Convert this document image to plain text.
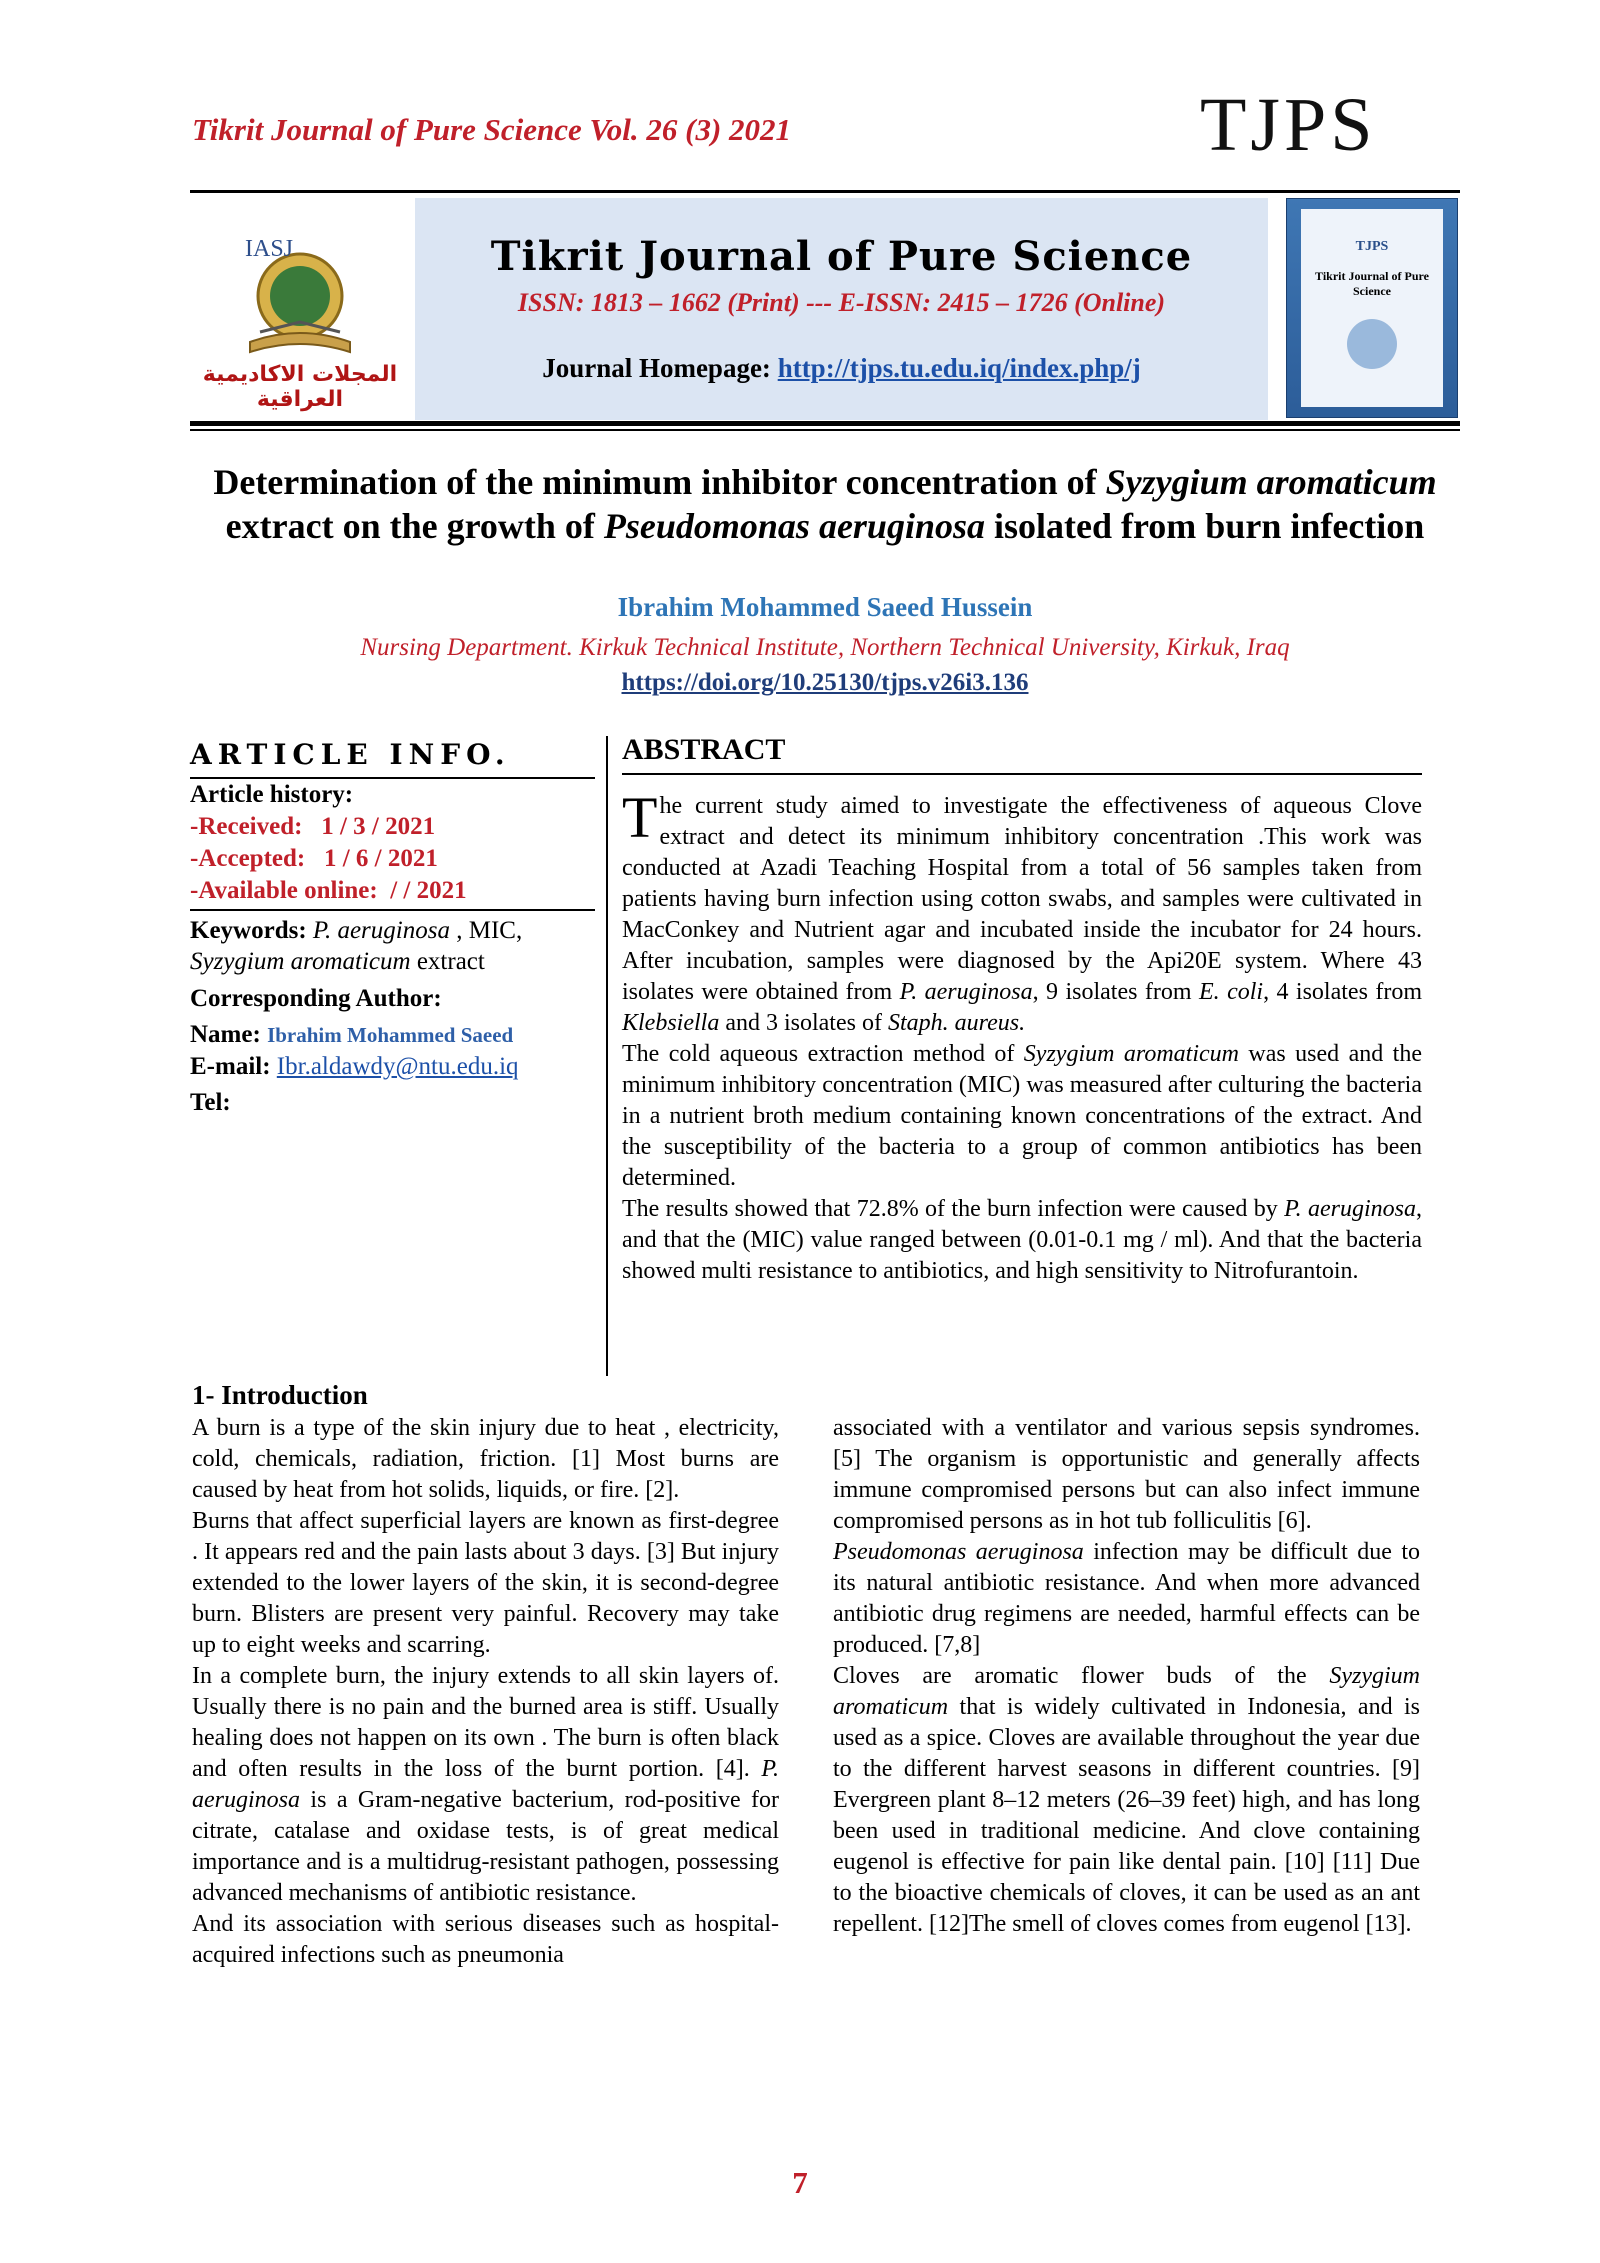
Tikrit Journal of Pure Science Vol. 26 (3) 2021	TJPS
IASJ
المجلات الاكاديمية العراقية
Tikrit Journal of Pure Science
ISSN: 1813 – 1662 (Print) --- E-ISSN: 2415 – 1726 (Online)
Journal Homepage: http://tjps.tu.edu.iq/index.php/j
TJPS
Tikrit Journal of Pure Science
Determination of the minimum inhibitor concentration of Syzygium aromaticum extract on the growth of Pseudomonas aeruginosa isolated from burn infection
Ibrahim Mohammed Saeed Hussein
Nursing Department. Kirkuk Technical Institute, Northern Technical University, Kirkuk, Iraq
https://doi.org/10.25130/tjps.v26i3.136
ARTICLE INFO.
Article history:
-Received: 1 / 3 / 2021
-Accepted: 1 / 6 / 2021
-Available online: / / 2021
Keywords: P. aeruginosa , MIC, Syzygium aromaticum extract
Corresponding Author:
Name: Ibrahim Mohammed Saeed
E-mail: Ibr.aldawdy@ntu.edu.iq
Tel:
ABSTRACT

The current study aimed to investigate the effectiveness of aqueous Clove extract and detect its minimum inhibitory concentration .This work was conducted at Azadi Teaching Hospital from a total of 56 samples taken from patients having burn infection using cotton swabs, and samples were cultivated in MacConkey and Nutrient agar and incubated inside the incubator for 24 hours. After incubation, samples were diagnosed by the Api20E system. Where 43 isolates were obtained from P. aeruginosa, 9 isolates from E. coli, 4 isolates from Klebsiella and 3 isolates of Staph. aureus.

The cold aqueous extraction method of Syzygium aromaticum was used and the minimum inhibitory concentration (MIC) was measured after culturing the bacteria in a nutrient broth medium containing known concentrations of the extract. And the susceptibility of the bacteria to a group of common antibiotics has been determined.

The results showed that 72.8% of the burn infection were caused by P. aeruginosa, and that the (MIC) value ranged between (0.01-0.1 mg / ml). And that the bacteria showed multi resistance to antibiotics, and high sensitivity to Nitrofurantoin.

1- Introduction

A burn is a type of the skin injury due to heat , electricity, cold, chemicals, radiation, friction. [1] Most burns are caused by heat from hot solids, liquids, or fire. [2].

Burns that affect superficial layers are known as first-degree . It appears red and the pain lasts about 3 days. [3] But injury extended to the lower layers of the skin, it is second-degree burn. Blisters are present very painful. Recovery may take up to eight weeks and scarring.

In a complete burn, the injury extends to all skin layers of. Usually there is no pain and the burned area is stiff. Usually healing does not happen on its own . The burn is often black and often results in the loss of the burnt portion. [4]. P. aeruginosa is a Gram-negative bacterium, rod-positive for citrate, catalase and oxidase tests, is of great medical importance and is a multidrug-resistant pathogen, possessing advanced mechanisms of antibiotic resistance.

And its association with serious diseases such as hospital-acquired infections such as pneumonia

associated with a ventilator and various sepsis syndromes. [5] The organism is opportunistic and generally affects immune compromised persons but can also infect immune compromised persons as in hot tub folliculitis [6].

Pseudomonas aeruginosa infection may be difficult due to its natural antibiotic resistance. And when more advanced antibiotic drug regimens are needed, harmful effects can be produced. [7,8]

Cloves are aromatic flower buds of the Syzygium aromaticum that is widely cultivated in Indonesia, and is used as a spice. Cloves are available throughout the year due to the different harvest seasons in different countries. [9] Evergreen plant 8–12 meters (26–39 feet) high, and has long been used in traditional medicine. And clove containing eugenol is effective for pain like dental pain. [10] [11] Due to the bioactive chemicals of cloves, it can be used as an ant repellent. [12]The smell of cloves comes from eugenol [13].

7
